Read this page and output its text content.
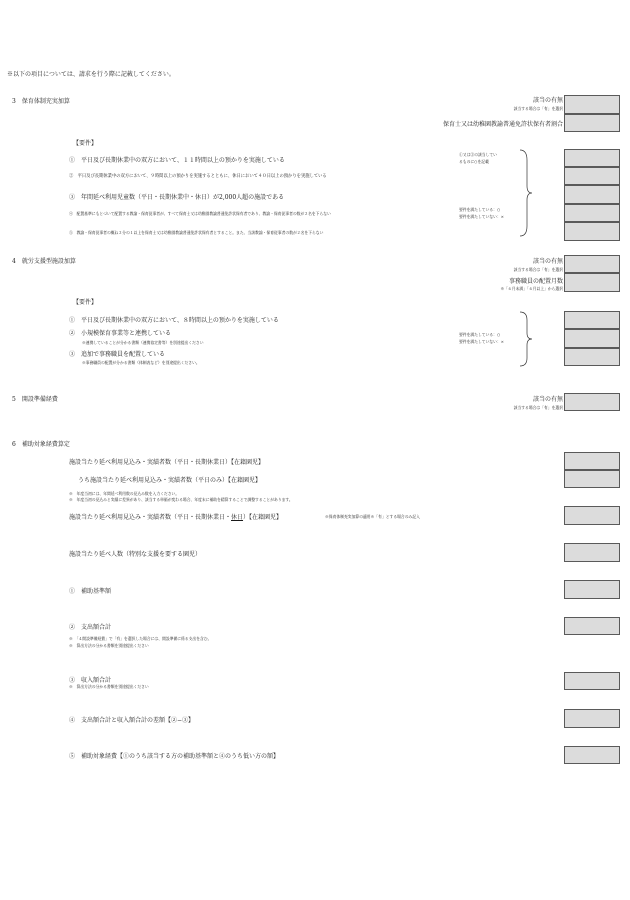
※以下の項目については、請求を行う際に記載してください。
3　保育体制充実加算	該当の有無
該当する場合は「有」を選択
保育士又は幼稚園教諭普通免許状保有者割合
【要件】
①　平日及び長期休業中の双方において、１１時間以上の預かりを実施している
②　平日及び長期休業中の双方において、９時間以上の預かりを実施するとともに、休日において４０日以上の預かりを実施している
③　年間延べ利用児童数（平日・長期休業中・休日）が2,000人超の施設である
④　配置基準にもとづいて配置する教諭・保育従事者が、すべて保育士又は幼稚園教諭普通免許状保有者であり、教諭・保育従事者の数が２名を下らない
⑤　教諭・保育従事者の概ね２分の１以上を保育士又は幼稚園教諭普通免許状保有者とすること。また、当該教諭・保育従事者の数が２名を下らない
①又は②の該当してい
るものに○を記載
要件を満たしている：○
要件を満たしていない：×
4　就労支援型施設加算	該当の有無
該当する場合は「有」を選択
事務職員の配置月数
※「６月未満」「６月以上」から選択
【要件】
①　平日及び長期休業中の双方において、８時間以上の預かりを実施している
②　小規模保育事業等と連携している
※連携していることが分かる書類（連携協定書等）を別途提出ください
③　追加で事務職員を配置している
※事務職員の配置が分かる書類（体制表など）を別途提出ください。
要件を満たしている：○
要件を満たしていない：×
5　開設準備経費	該当の有無
該当する場合は「有」を選択
6　補助対象経費算定
施設当たり延べ利用見込み・実績者数（平日・長期休業日）【在籍園児】
うち施設当たり延べ利用見込み・実績者数（平日のみ）【在籍園児】
※　年度当初には、年間延べ利用数の見込み数を入力ください。
※　年度当初の見込みと実績に差異があり、該当する単価が変わる場合、年度末に補助を精算することで調整することがあります。
施設当たり延べ利用見込み・実績者数（平日・長期休業日・休日）【在籍園児】	※保育体制充実加算の適用※「有」とする場合のみ記入
施設当たり延べ人数（特別な支援を要する園児）
①　補助基準額
②　支出額合計
※　「４開設準備経費」で「有」を選択した場合には、開設準備に係る支出を含む。
※　算出方法の分かる書類を別途提出ください
③　収入額合計
※　算出方法の分かる書類を別途提出ください
④　支出額合計と収入額合計の差額【②−③】
⑤　補助対象経費【①のうち該当する方の補助基準額と④のうち低い方の額】
